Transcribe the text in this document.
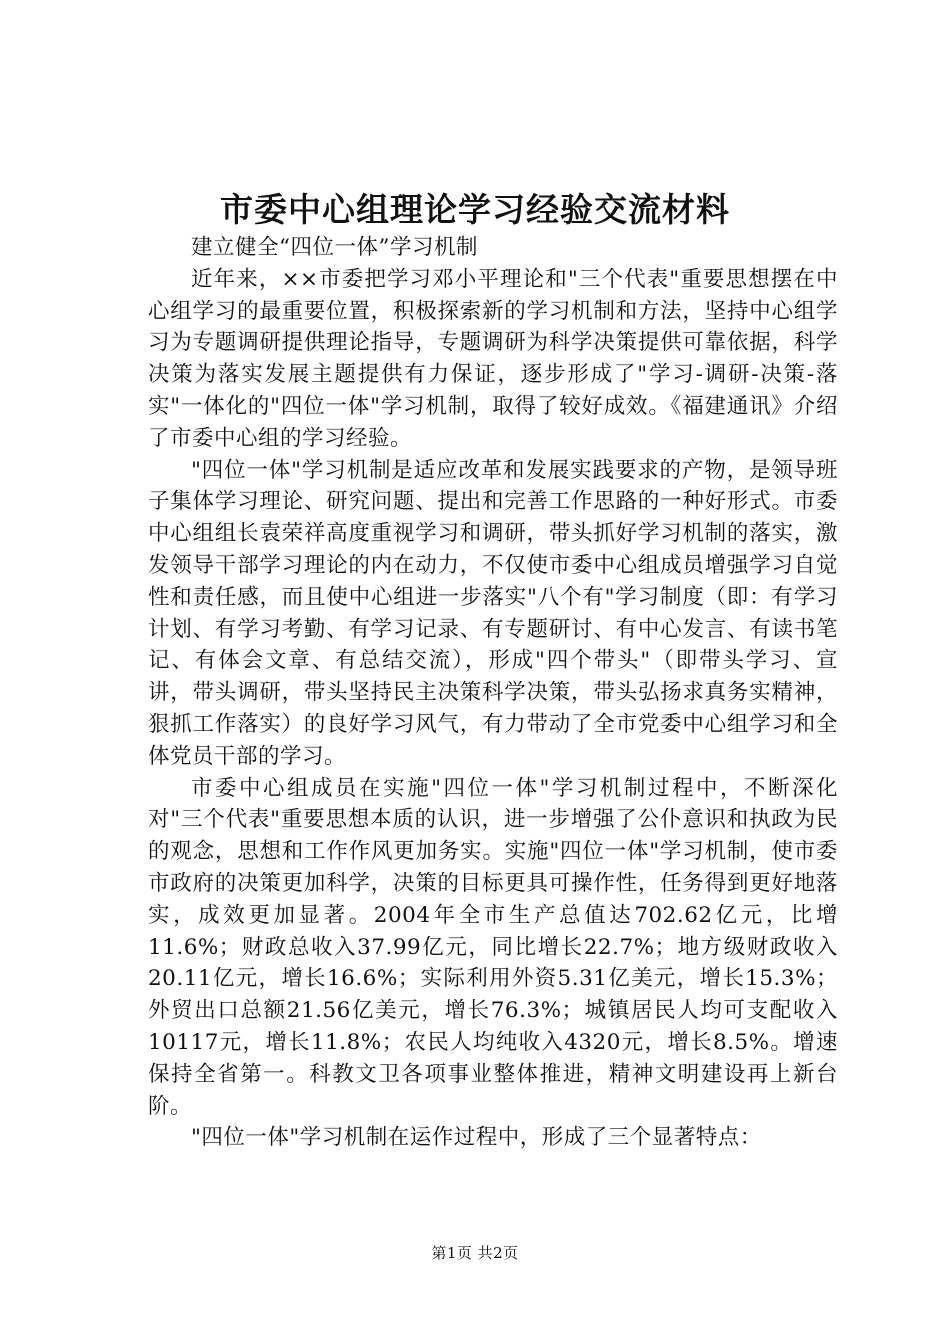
市委中心组理论学习经验交流材料

建立健全“四位一体”学习机制

近年来，××市委把学习邓小平理论和"三个代表"重要思想摆在中心组学习的最重要位置，积极探索新的学习机制和方法，坚持中心组学习为专题调研提供理论指导，专题调研为科学决策提供可靠依据，科学决策为落实发展主题提供有力保证，逐步形成了"学习-调研-决策-落实"一体化的"四位一体"学习机制，取得了较好成效。《福建通讯》介绍了市委中心组的学习经验。

"四位一体"学习机制是适应改革和发展实践要求的产物，是领导班子集体学习理论、研究问题、提出和完善工作思路的一种好形式。市委中心组组长袁荣祥高度重视学习和调研，带头抓好学习机制的落实，激发领导干部学习理论的内在动力，不仅使市委中心组成员增强学习自觉性和责任感，而且使中心组进一步落实"八个有"学习制度（即：有学习计划、有学习考勤、有学习记录、有专题研讨、有中心发言、有读书笔记、有体会文章、有总结交流），形成"四个带头"（即带头学习、宣讲，带头调研，带头坚持民主决策科学决策，带头弘扬求真务实精神，狠抓工作落实）的良好学习风气，有力带动了全市党委中心组学习和全体党员干部的学习。

市委中心组成员在实施"四位一体"学习机制过程中，不断深化对"三个代表"重要思想本质的认识，进一步增强了公仆意识和执政为民的观念，思想和工作作风更加务实。实施"四位一体"学习机制，使市委市政府的决策更加科学，决策的目标更具可操作性，任务得到更好地落实，成效更加显著。2004年全市生产总值达702.62亿元，比增11.6%；财政总收入37.99亿元，同比增长22.7%；地方级财政收入20.11亿元，增长16.6%；实际利用外资5.31亿美元，增长15.3%；外贸出口总额21.56亿美元，增长76.3%；城镇居民人均可支配收入10117元，增长11.8%；农民人均纯收入4320元，增长8.5%。增速保持全省第一。科教文卫各项事业整体推进，精神文明建设再上新台阶。

"四位一体"学习机制在运作过程中，形成了三个显著特点：

第1页 共2页
